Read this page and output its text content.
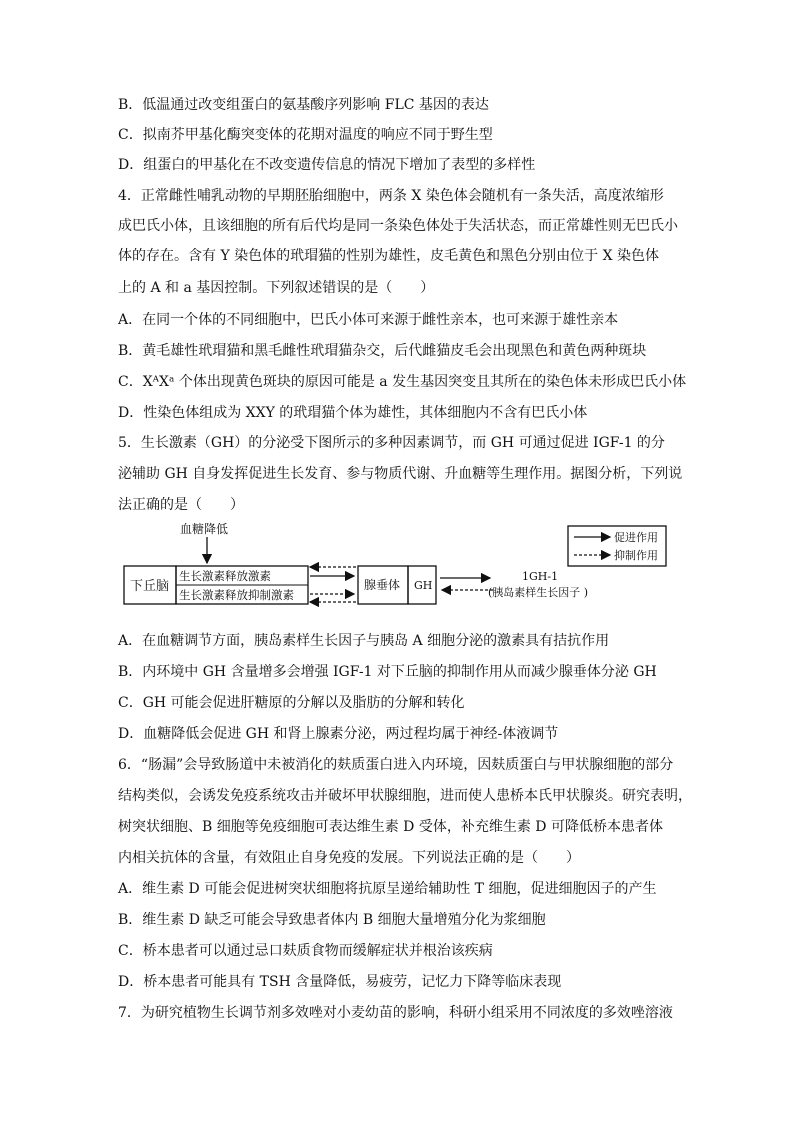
B．低温通过改变组蛋白的氨基酸序列影响 FLC 基因的表达
C．拟南芥甲基化酶突变体的花期对温度的响应不同于野生型
D．组蛋白的甲基化在不改变遗传信息的情况下增加了表型的多样性
4．正常雌性哺乳动物的早期胚胎细胞中，两条 X 染色体会随机有一条失活，高度浓缩形
成巴氏小体，且该细胞的所有后代均是同一条染色体处于失活状态，而正常雄性则无巴氏小
体的存在。含有 Y 染色体的玳瑁猫的性别为雄性，皮毛黄色和黑色分别由位于 X 染色体
上的 A 和 a 基因控制。下列叙述错误的是（　　）
A．在同一个体的不同细胞中，巴氏小体可来源于雌性亲本，也可来源于雄性亲本
B．黄毛雄性玳瑁猫和黑毛雌性玳瑁猫杂交，后代雌猫皮毛会出现黑色和黄色两种斑块
C．XᴬXᵃ 个体出现黄色斑块的原因可能是 a 发生基因突变且其所在的染色体未形成巴氏小体
D．性染色体组成为 XXY 的玳瑁猫个体为雄性，其体细胞内不含有巴氏小体
5．生长激素（GH）的分泌受下图所示的多种因素调节，而 GH 可通过促进 IGF-1 的分
泌辅助 GH 自身发挥促进生长发育、参与物质代谢、升血糖等生理作用。据图分析，下列说
法正确的是（　　）
血糖降低
下丘脑
生长激素释放激素
生长激素释放抑制激素
腺垂体 GH
1GH-1
(胰岛素样生长因子 )
促进作用
抑制作用
A．在血糖调节方面，胰岛素样生长因子与胰岛 A 细胞分泌的激素具有拮抗作用
B．内环境中 GH 含量增多会增强 IGF-1 对下丘脑的抑制作用从而减少腺垂体分泌 GH
C．GH 可能会促进肝糖原的分解以及脂肪的分解和转化
D．血糖降低会促进 GH 和肾上腺素分泌，两过程均属于神经-体液调节
6．“肠漏”会导致肠道中未被消化的麸质蛋白进入内环境，因麸质蛋白与甲状腺细胞的部分
结构类似，会诱发免疫系统攻击并破坏甲状腺细胞，进而使人患桥本氏甲状腺炎。研究表明，
树突状细胞、B 细胞等免疫细胞可表达维生素 D 受体，补充维生素 D 可降低桥本患者体
内相关抗体的含量，有效阻止自身免疫的发展。下列说法正确的是（　　）
A．维生素 D 可能会促进树突状细胞将抗原呈递给辅助性 T 细胞，促进细胞因子的产生
B．维生素 D 缺乏可能会导致患者体内 B 细胞大量增殖分化为浆细胞
C．桥本患者可以通过忌口麸质食物而缓解症状并根治该疾病
D．桥本患者可能具有 TSH 含量降低，易疲劳，记忆力下降等临床表现
7．为研究植物生长调节剂多效唑对小麦幼苗的影响，科研小组采用不同浓度的多效唑溶液
